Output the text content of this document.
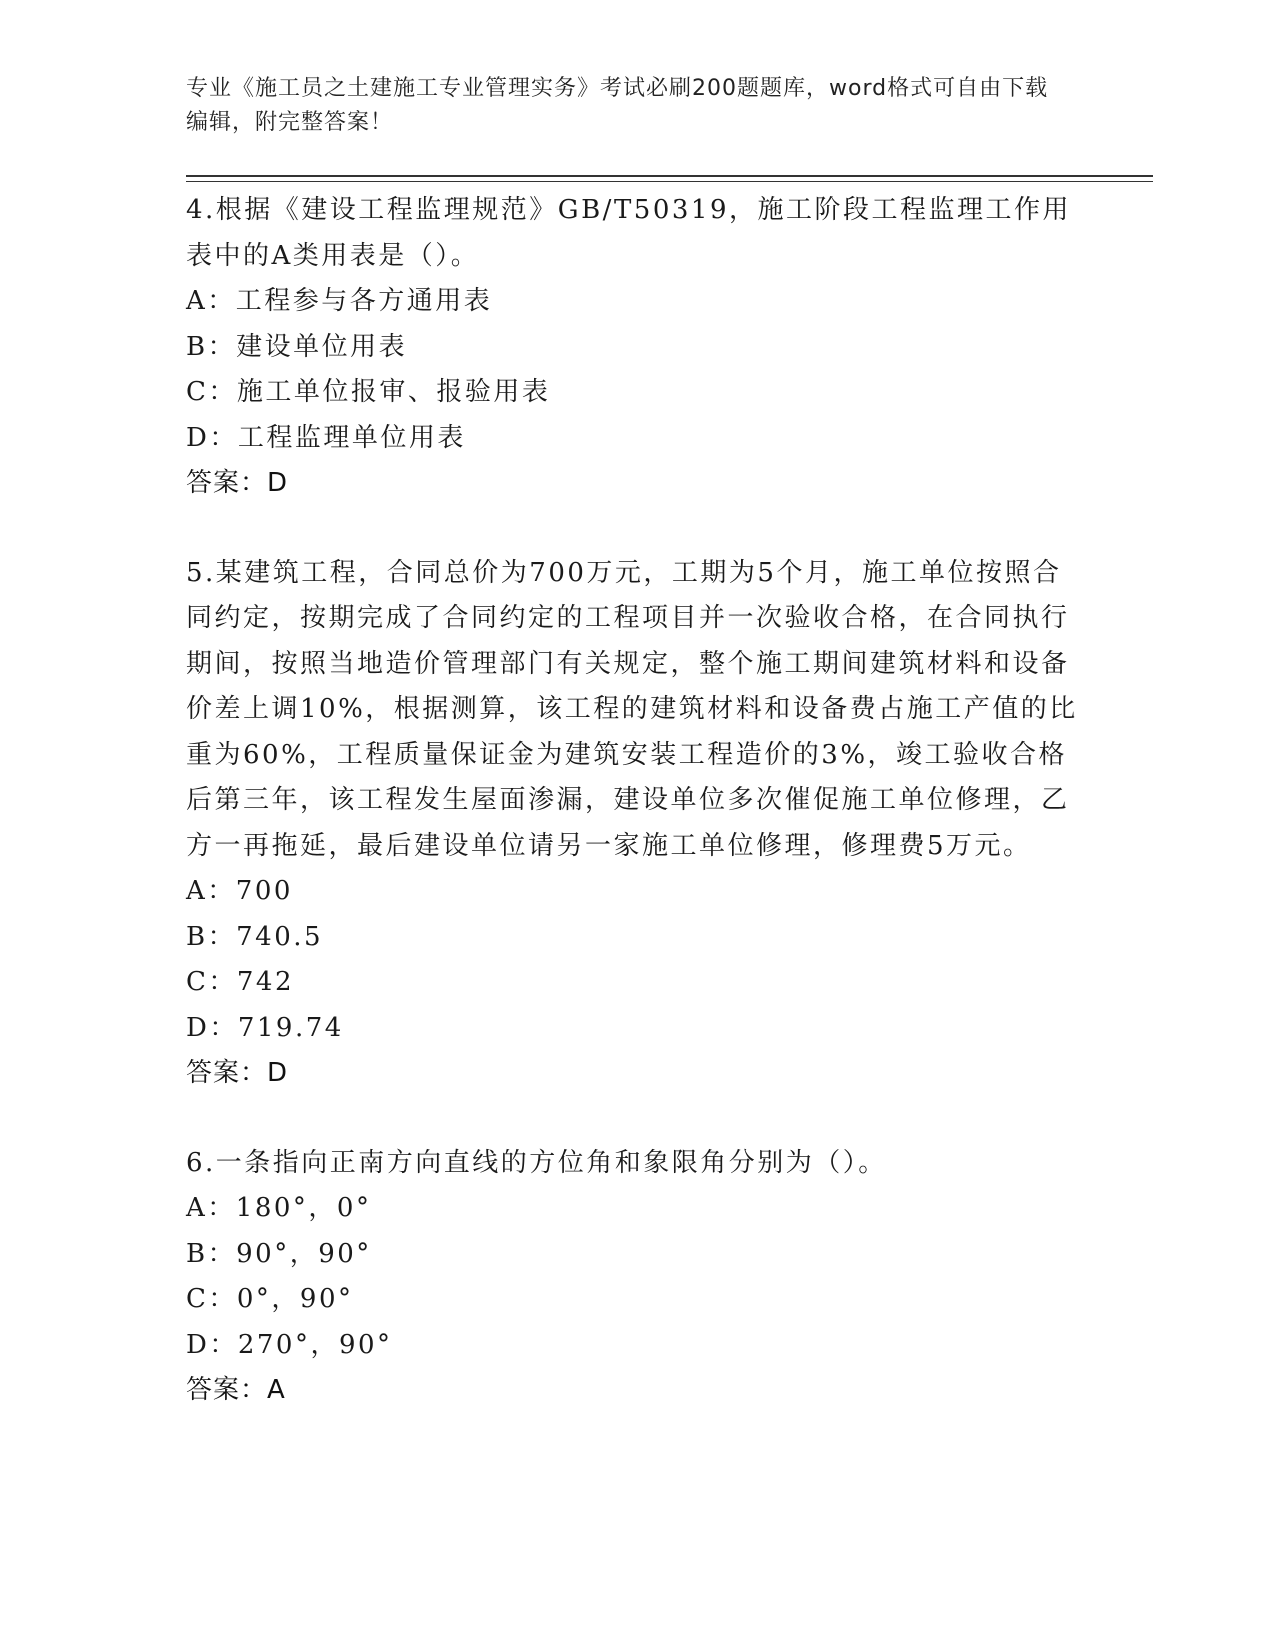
专业《施工员之土建施工专业管理实务》考试必刷200题题库，word格式可自由下载编辑，附完整答案！

4.根据《建设工程监理规范》GB/T50319，施工阶段工程监理工作用表中的A类用表是（）。

A：工程参与各方通用表

B：建设单位用表

C：施工单位报审、报验用表

D：工程监理单位用表

答案：D

5.某建筑工程，合同总价为700万元，工期为5个月，施工单位按照合同约定，按期完成了合同约定的工程项目并一次验收合格，在合同执行期间，按照当地造价管理部门有关规定，整个施工期间建筑材料和设备价差上调10%，根据测算，该工程的建筑材料和设备费占施工产值的比重为60%，工程质量保证金为建筑安装工程造价的3%，竣工验收合格后第三年，该工程发生屋面渗漏，建设单位多次催促施工单位修理，乙方一再拖延，最后建设单位请另一家施工单位修理，修理费5万元。

A：700

B：740.5

C：742

D：719.74

答案：D

6.一条指向正南方向直线的方位角和象限角分别为（）。

A：180°，0°

B：90°，90°

C：0°，90°

D：270°，90°

答案：A
